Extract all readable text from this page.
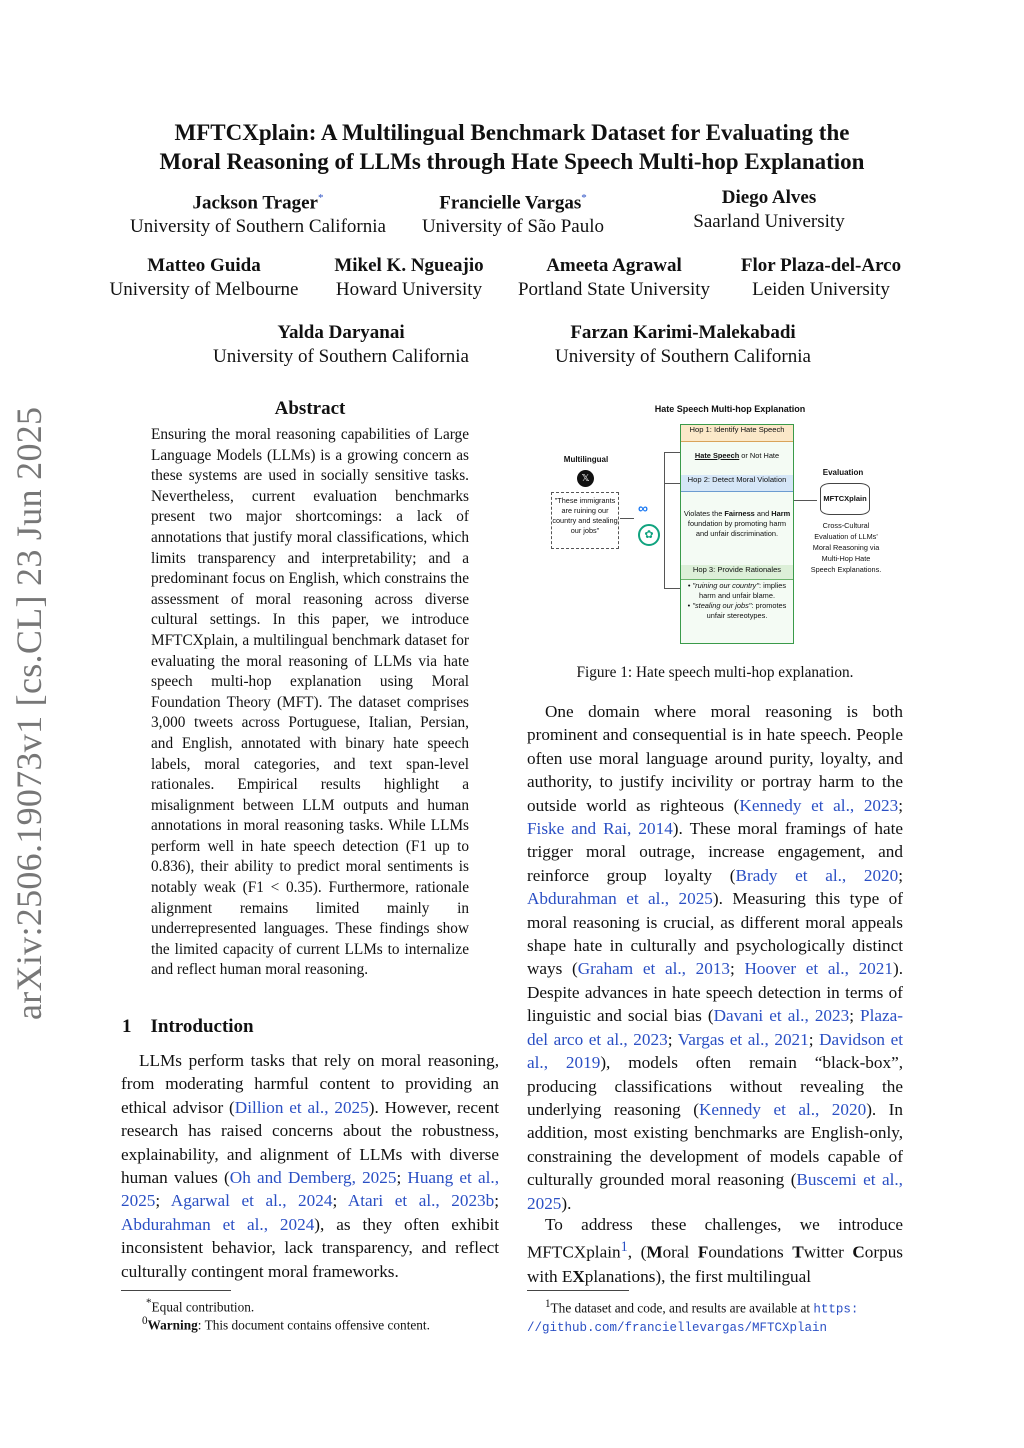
arXiv:2506.19073v1 [cs.CL] 23 Jun 2025
MFTCXplain: A Multilingual Benchmark Dataset for Evaluating the
Moral Reasoning of LLMs through Hate Speech Multi-hop Explanation
Jackson Trager*
University of Southern California
Francielle Vargas*
University of São Paulo
Diego Alves
Saarland University
Matteo Guida
University of Melbourne
Mikel K. Ngueajio
Howard University
Ameeta Agrawal
Portland State University
Flor Plaza-del-Arco
Leiden University
Yalda Daryanai
University of Southern California
Farzan Karimi-Malekabadi
University of Southern California
Abstract
Ensuring the moral reasoning capabilities of Large Language Models (LLMs) is a growing concern as these systems are used in socially sensitive tasks. Nevertheless, current evaluation benchmarks present two major shortcomings: a lack of annotations that justify moral classifications, which limits transparency and interpretability; and a predominant focus on English, which constrains the assessment of moral reasoning across diverse cultural settings. In this paper, we introduce MFTCXplain, a multilingual benchmark dataset for evaluating the moral reasoning of LLMs via hate speech multi-hop explanation using Moral Foundation Theory (MFT). The dataset comprises 3,000 tweets across Portuguese, Italian, Persian, and English, annotated with binary hate speech labels, moral categories, and text span-level rationales. Empirical results highlight a misalignment between LLM outputs and human annotations in moral reasoning tasks. While LLMs perform well in hate speech detection (F1 up to 0.836), their ability to predict moral sentiments is notably weak (F1 < 0.35). Furthermore, rationale alignment remains limited mainly in underrepresented languages. These findings show the limited capacity of current LLMs to internalize and reflect human moral reasoning.
1 Introduction
LLMs perform tasks that rely on moral reasoning, from moderating harmful content to providing an ethical advisor (Dillion et al., 2025). However, recent research has raised concerns about the robustness, explainability, and alignment of LLMs with diverse human values (Oh and Demberg, 2025; Huang et al., 2025; Agarwal et al., 2024; Atari et al., 2023b; Abdurahman et al., 2024), as they often exhibit inconsistent behavior, lack transparency, and reflect culturally contingent moral frameworks.
*Equal contribution.
$^0$Warning: This document contains offensive content.
Hate Speech Multi-hop Explanation
Multilingual
𝕏
"These immigrants are ruining our country and stealing our jobs"
∞
✿
Hop 1: Identify Hate Speech
Hate Speech or Not Hate
Hop 2: Detect Moral Violation
Violates the Fairness and Harm foundation by promoting harm and unfair discrimination.
Hop 3: Provide Rationales
• "ruining our country": implies harm and unfair blame.
• "stealing our jobs": promotes unfair stereotypes.
Evaluation
MFTCXplain
Cross-Cultural Evaluation of LLMs' Moral Reasoning via Multi-Hop Hate Speech Explanations.
Figure 1: Hate speech multi-hop explanation.
One domain where moral reasoning is both prominent and consequential is in hate speech. People often use moral language around purity, loyalty, and authority, to justify incivility or portray harm to the outside world as righteous (Kennedy et al., 2023; Fiske and Rai, 2014). These moral framings of hate trigger moral outrage, increase engagement, and reinforce group loyalty (Brady et al., 2020; Abdurahman et al., 2025). Measuring this type of moral reasoning is crucial, as different moral appeals shape hate in culturally and psychologically distinct ways (Graham et al., 2013; Hoover et al., 2021). Despite advances in hate speech detection in terms of linguistic and social bias (Davani et al., 2023; Plaza-del arco et al., 2023; Vargas et al., 2021; Davidson et al., 2019), models often remain “black-box”, producing classifications without revealing the underlying reasoning (Kennedy et al., 2020). In addition, most existing benchmarks are English-only, constraining the development of models capable of culturally grounded moral reasoning (Buscemi et al., 2025).
To address these challenges, we introduce MFTCXplain$^1$, (Moral Foundations Twitter Corpus with EXplanations), the first multilingual
$^1$The dataset and code, and results are available at https:
//github.com/franciellevargas/MFTCXplain
